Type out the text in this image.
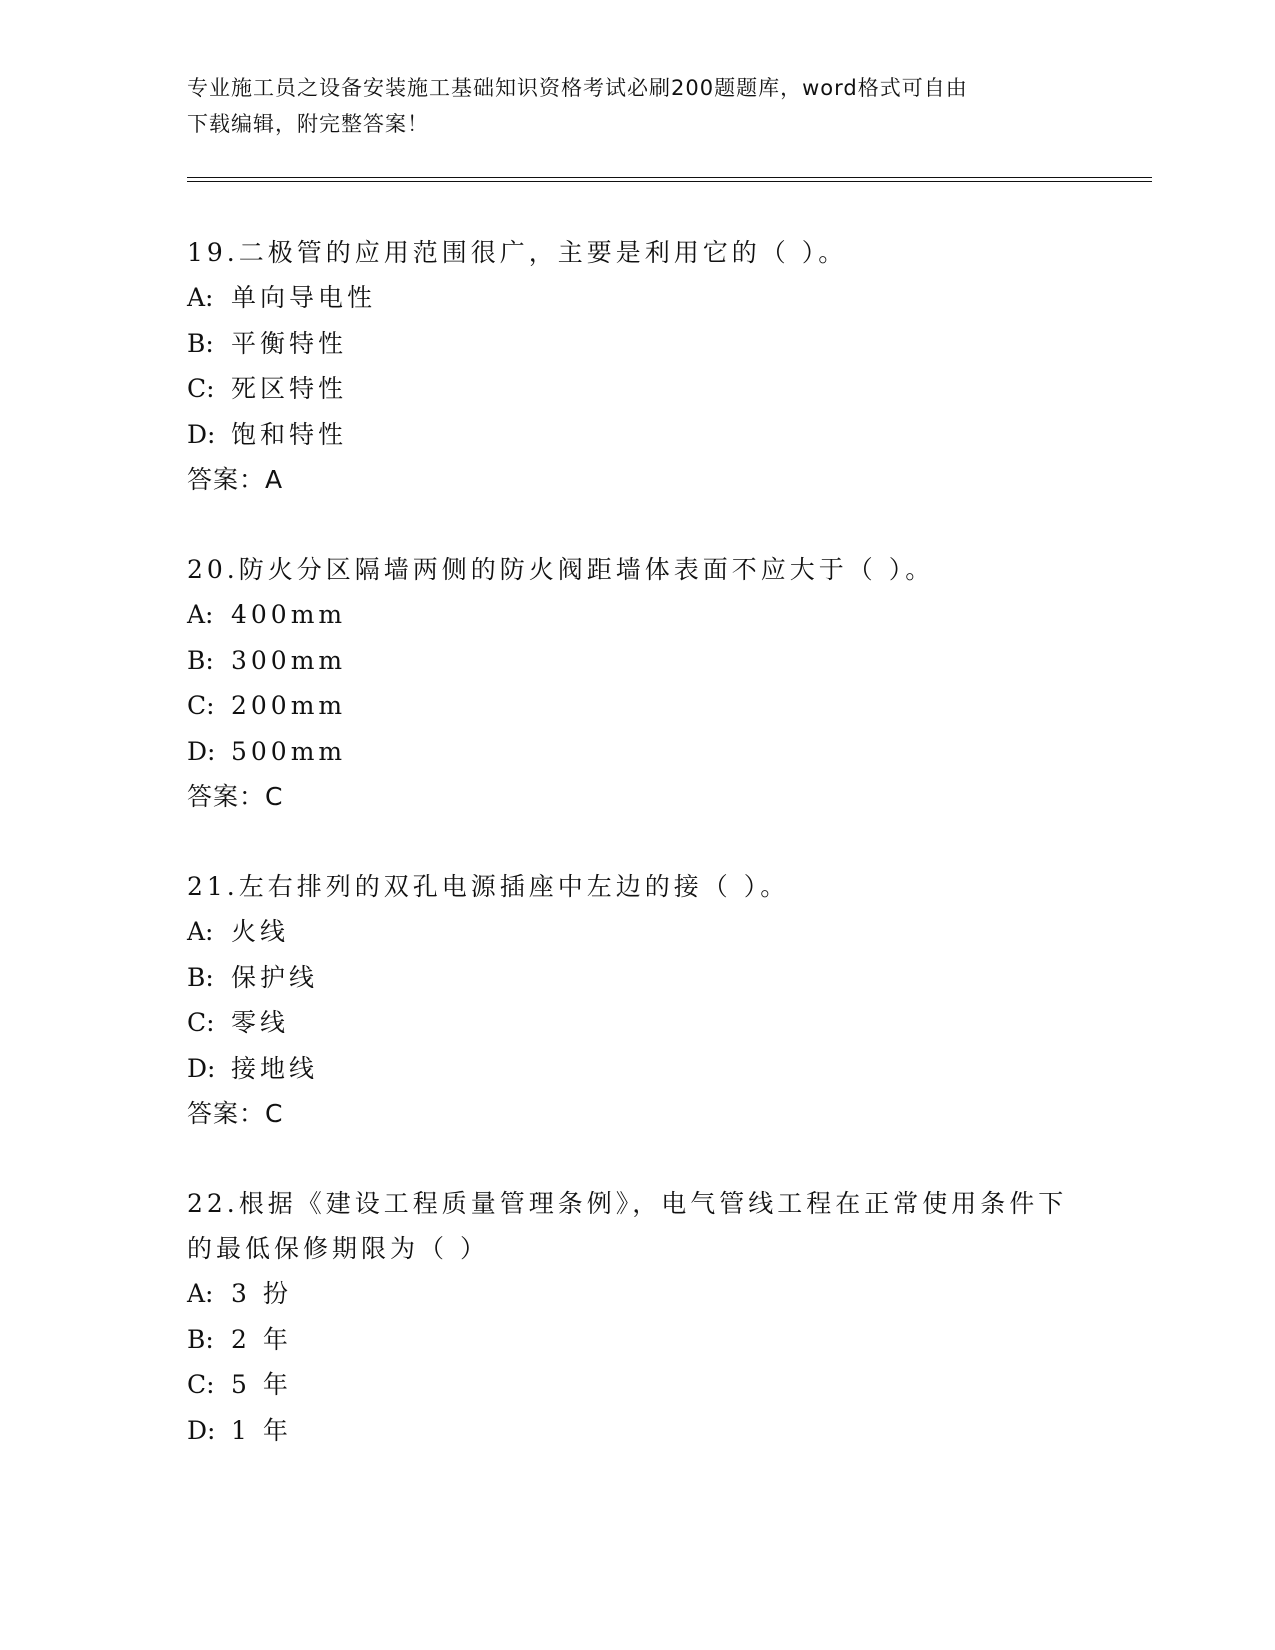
专业施工员之设备安装施工基础知识资格考试必刷200题题库，word格式可自由
下载编辑，附完整答案！

19.二极管的应用范围很广，主要是利用它的（ ）。

A: 单向导电性

B: 平衡特性

C: 死区特性

D: 饱和特性

答案：A

20.防火分区隔墙两侧的防火阀距墙体表面不应大于（ ）。

A: 400mm

B: 300mm

C: 200mm

D: 500mm

答案：C

21.左右排列的双孔电源插座中左边的接（ ）。

A: 火线

B: 保护线

C: 零线

D: 接地线

答案：C

22.根据《建设工程质量管理条例》，电气管线工程在正常使用条件下

的最低保修期限为（ ）

A: 3 扮

B: 2 年

C: 5 年

D: 1 年
